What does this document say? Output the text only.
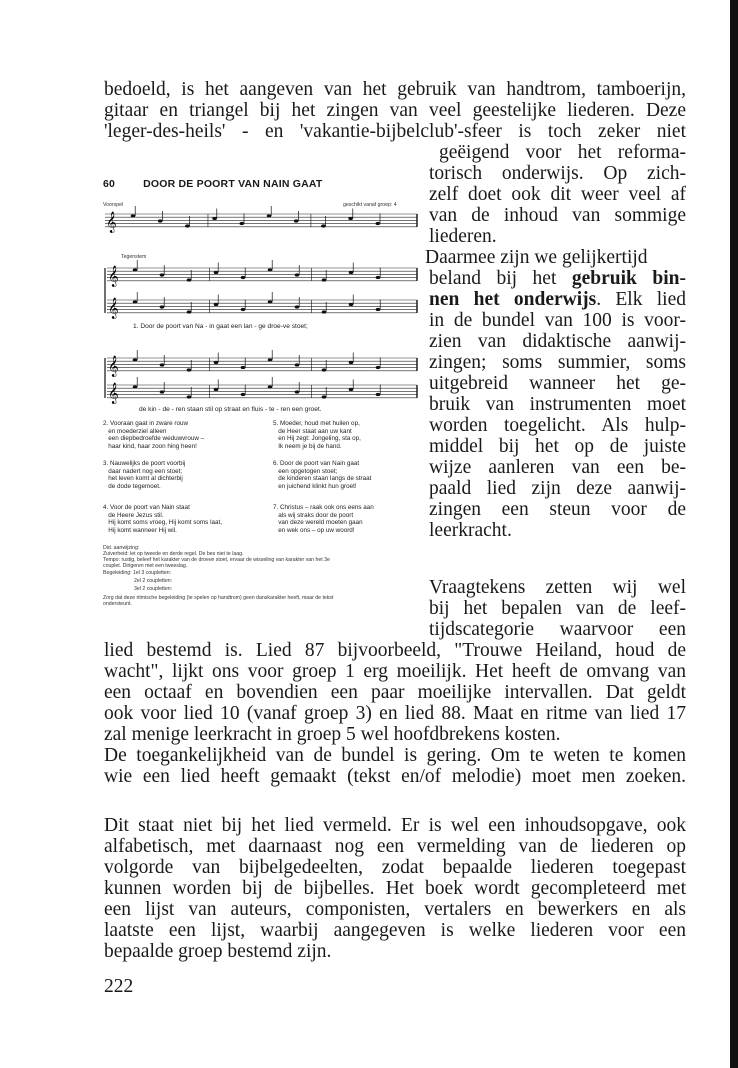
bedoeld, is het aangeven van het gebruik van handtrom, tamboerijn,
gitaar en triangel bij het zingen van veel geestelijke liederen. Deze
'leger-des-heils' - en 'vakantie-bijbelclub'-sfeer is toch zeker niet
geëigend voor het reforma-
torisch onderwijs. Op zich-
zelf doet ook dit weer veel af
van de inhoud van sommige
liederen.
Daarmee zijn we gelijkertijd
beland bij het gebruik bin-
nen het onderwijs. Elk lied
in de bundel van 100 is voor-
zien van didaktische aanwij-
zingen; soms summier, soms
uitgebreid wanneer het ge-
bruik van instrumenten moet
worden toegelicht. Als hulp-
middel bij het op de juiste
wijze aanleren van een be-
paald lied zijn deze aanwij-
zingen een steun voor de
leerkracht.
Vraagtekens zetten wij wel
bij het bepalen van de leef-
tijdscategorie waarvoor een
lied bestemd is. Lied 87 bijvoorbeeld, "Trouwe Heiland, houd de
wacht", lijkt ons voor groep 1 erg moeilijk. Het heeft de omvang van
een octaaf en bovendien een paar moeilijke intervallen. Dat geldt
ook voor lied 10 (vanaf groep 3) en lied 88. Maat en ritme van lied 17
zal menige leerkracht in groep 5 wel hoofdbrekens kosten.
De toegankelijkheid van de bundel is gering. Om te weten te komen
wie een lied heeft gemaakt (tekst en/of melodie) moet men zoeken.
Dit staat niet bij het lied vermeld. Er is wel een inhoudsopgave, ook
alfabetisch, met daarnaast nog een vermelding van de liederen op
volgorde van bijbelgedeelten, zodat bepaalde liederen toegepast
kunnen worden bij de bijbelles. Het boek wordt gecompleteerd met
een lijst van auteurs, componisten, vertalers en bewerkers en als
laatste een lijst, waarbij aangegeven is welke liederen voor een
bepaalde groep bestemd zijn.
222
60	DOOR DE POORT VAN NAIN GAAT
𝄞
𝄞
𝄞
𝄞
𝄞
Voorspel	geschikt vanaf groep: 4
Tegenstem
1. Door de poort van Na - in gaat een lan - ge droe-ve stoet;
de kin - de - ren staan stil op straat en fluis - te - ren een groet.
2. Vooraan gaat in zware rouw
en moederziel alleen
een diepbedroefde weduwvrouw –
haar kind, haar zoon hing heen!
3. Nauwelijks de poort voorbij
daar nadert nog een stoet;
het leven komt al dichterbij
de dode tegemoet.
4. Voor de poort van Nain staat
de Heere Jezus stil.
Hij komt soms vroeg, Hij komt soms laat,
Hij komt wanneer Hij wil.
5. Moeder, houd met huilen op,
de Heer staat aan uw kant
en Hij zegt: Jongeling, sta op,
Ik neem je bij de hand.
6. Door de poort van Nain gaat
een opgetogen stoet;
de kinderen staan langs de straat
en juichend klinkt hun groet!
7. Christus – raak ook ons eens aan
als wij straks door de poort
van deze wereld moeten gaan
en wek ons – op uw woord!
Did. aanwijzing:
Zuiverheid: let op tweede en derde regel. De bes niet te laag.
Tempo: rustig, beleef het karakter van de droeve stoet, ervaar de wisseling van karakter van het 3e
couplet. Dirigeren met een tweeslag.
Begeleiding: 1el 3 coupletten:
2el 2 coupletten:
3el 2 coupletten:
Zorg dat deze ritmische begeleiding (te spelen op handtrom) geen danskarakter heeft, maar de tekst
ondersteunt.
